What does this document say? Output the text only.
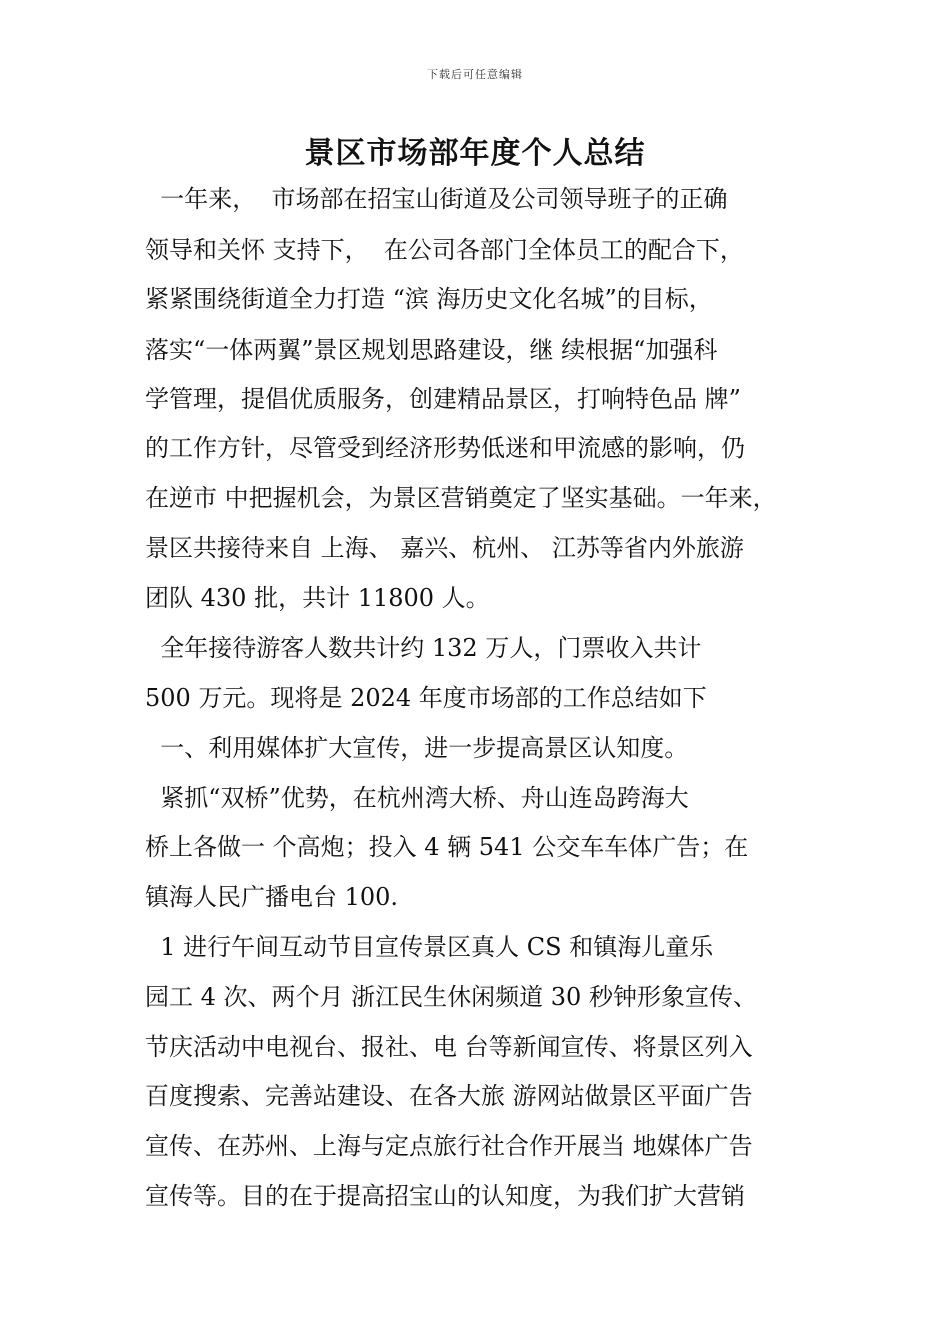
下载后可任意编辑
景区市场部年度个人总结
一年来，  市场部在招宝山街道及公司领导班子的正确
领导和关怀 支持下，  在公司各部门全体员工的配合下，
紧紧围绕街道全力打造 “滨 海历史文化名城”的目标，
落实“一体两翼”景区规划思路建设，继 续根据“加强科
学管理，提倡优质服务，创建精品景区，打响特色品 牌”
的工作方针，尽管受到经济形势低迷和甲流感的影响，仍
在逆市 中把握机会，为景区营销奠定了坚实基础。一年来，
景区共接待来自 上海、 嘉兴、杭州、 江苏等省内外旅游
团队 430 批，共计 11800 人。
全年接待游客人数共计约 132 万人，门票收入共计
500 万元。现将是 2024 年度市场部的工作总结如下
一、利用媒体扩大宣传，进一步提高景区认知度。
紧抓“双桥”优势，在杭州湾大桥、舟山连岛跨海大
桥上各做一 个高炮；投入 4 辆 541 公交车车体广告；在
镇海人民广播电台 100.
1 进行午间互动节目宣传景区真人 CS 和镇海儿童乐
园工 4 次、两个月 浙江民生休闲频道 30 秒钟形象宣传、
节庆活动中电视台、报社、电 台等新闻宣传、将景区列入
百度搜索、完善站建设、在各大旅 游网站做景区平面广告
宣传、在苏州、上海与定点旅行社合作开展当 地媒体广告
宣传等。目的在于提高招宝山的认知度，为我们扩大营销
